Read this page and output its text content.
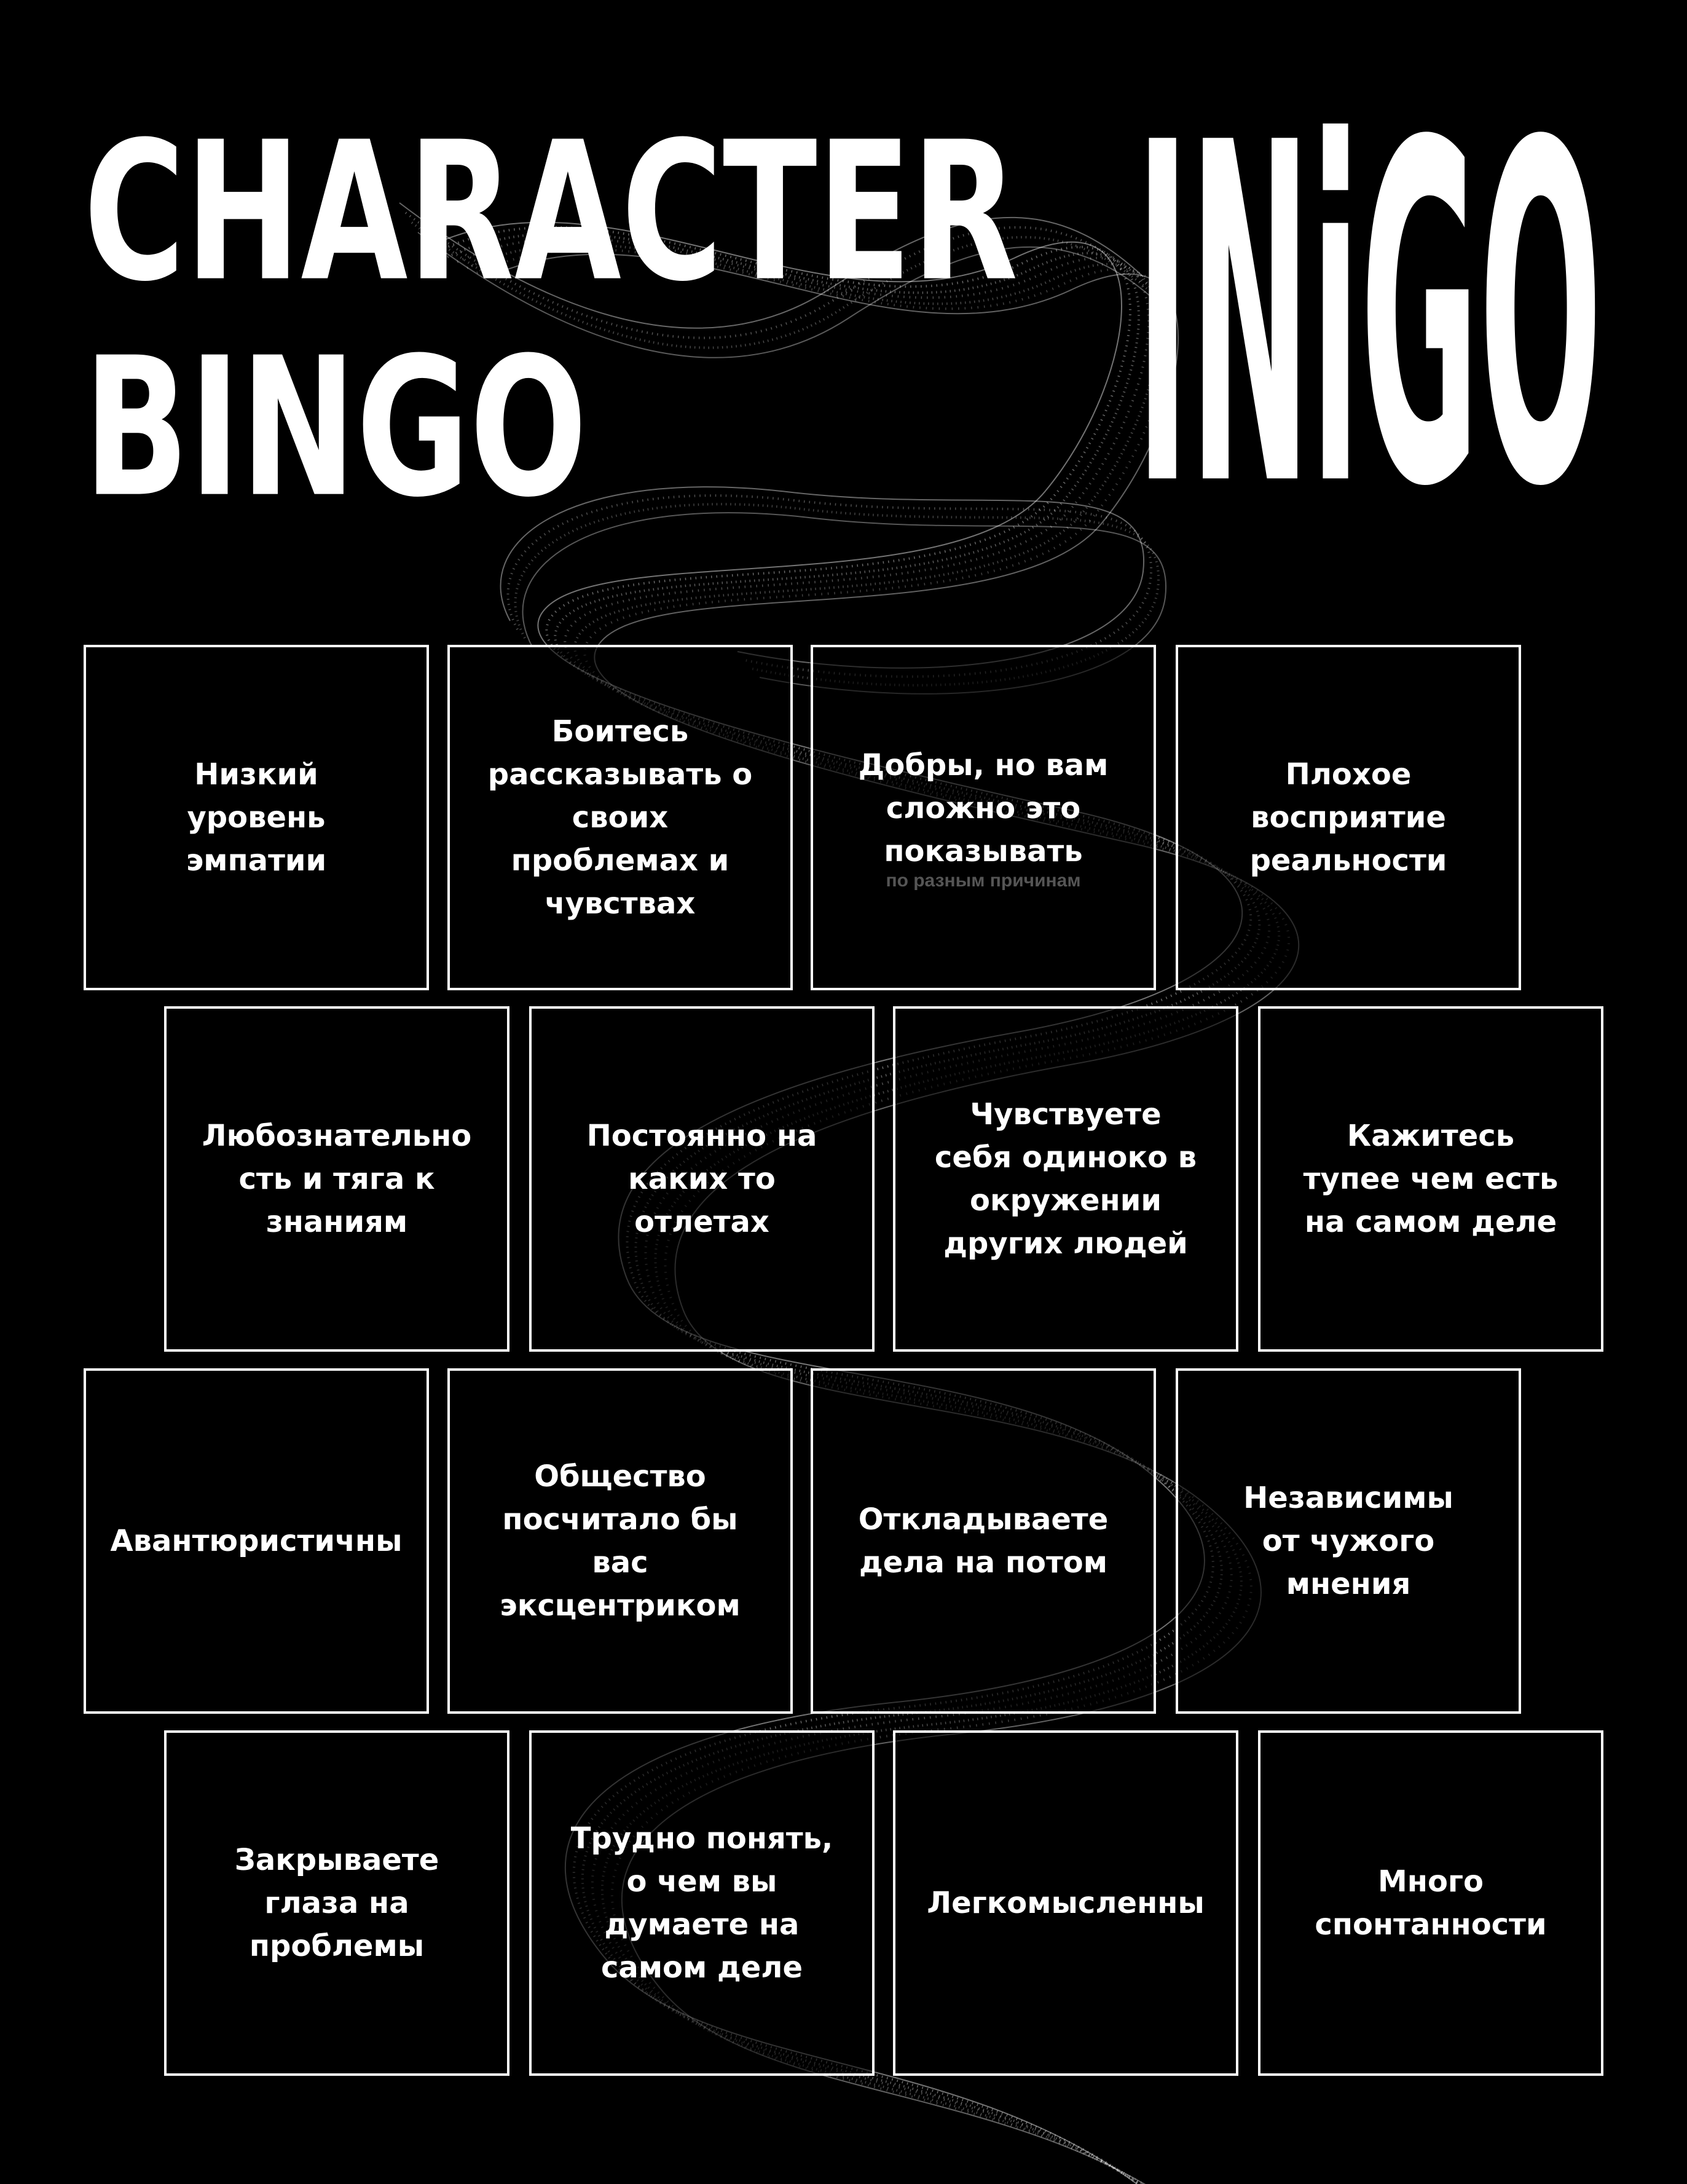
CHARACTER
BINGO INiGO
Низкий
уровень
эмпатии
Боитесь
рассказывать о
своих
проблемах и
чувствах
Добры, но вам
сложно это
показывать
по разным причинам
Плохое
восприятие
реальности
Любознательно
сть и тяга к
знаниям
Постоянно на
каких то
отлетах
Чувствуете
себя одиноко в
окружении
других людей
Кажитесь
тупее чем есть
на самом деле
Авантюристичны
Общество
посчитало бы
вас
эксцентриком
Откладываете
дела на потом
Независимы
от чужого
мнения
Закрываете
глаза на
проблемы
Трудно понять,
о чем вы
думаете на
самом деле
Легкомысленны
Много
спонтанности
